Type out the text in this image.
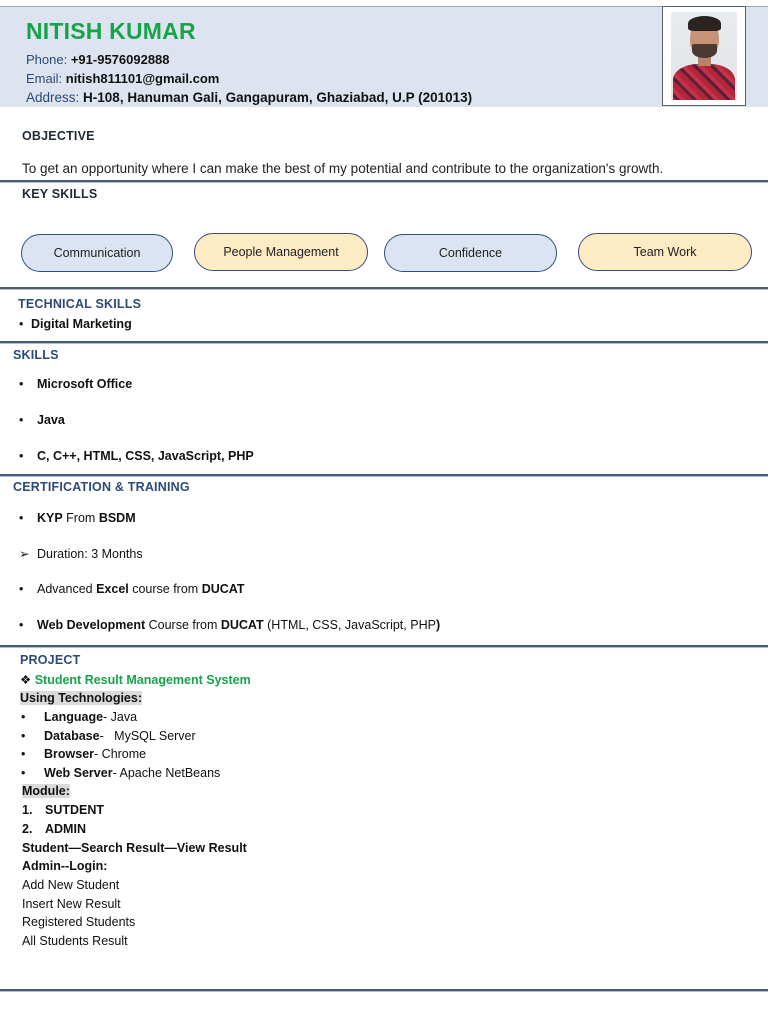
NITISH KUMAR
Phone: +91-9576092888
Email: nitish811101@gmail.com
Address: H-108, Hanuman Gali, Gangapuram, Ghaziabad, U.P (201013)
OBJECTIVE
To get an opportunity where I can make the best of my potential and contribute to the organization's growth.
KEY SKILLS
Communication	People Management	Confidence	Team Work
TECHNICAL SKILLS
• Digital Marketing
SKILLS
• Microsoft Office
• Java
• C, C++, HTML, CSS, JavaScript, PHP
CERTIFICATION & TRAINING
• KYP From BSDM
➢ Duration: 3 Months
• Advanced Excel course from DUCAT
• Web Development Course from DUCAT (HTML, CSS, JavaScript, PHP)
PROJECT
❖ Student Result Management System
Using Technologies:
• Language- Java
• Database-   MySQL Server
• Browser- Chrome
• Web Server- Apache NetBeans
Module:
1. SUTDENT
2. ADMIN
Student—Search Result—View Result
Admin--Login:
Add New Student
Insert New Result
Registered Students
All Students Result
